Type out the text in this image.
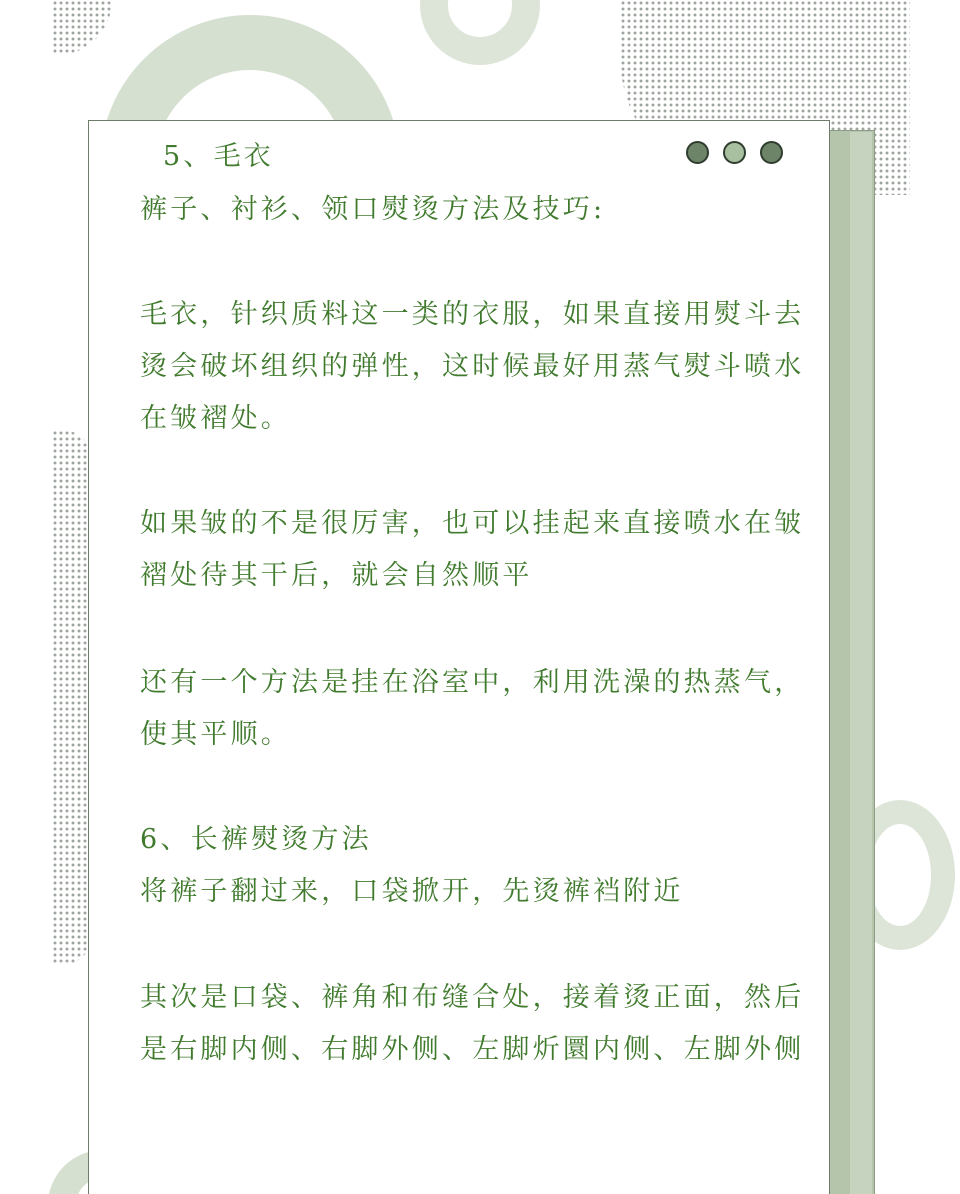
5、毛衣

裤子、衬衫、领口熨烫方法及技巧:

毛衣，针织质料这一类的衣服，如果直接用熨斗去

烫会破坏组织的弹性，这时候最好用蒸气熨斗喷水

在皱褶处。

如果皱的不是很厉害，也可以挂起来直接喷水在皱

褶处待其干后，就会自然顺平

还有一个方法是挂在浴室中，利用洗澡的热蒸气，

使其平顺。

6、长裤熨烫方法

将裤子翻过来，口袋掀开，先烫裤裆附近

其次是口袋、裤角和布缝合处，接着烫正面，然后

是右脚内侧、右脚外侧、左脚炘圜内侧、左脚外侧
